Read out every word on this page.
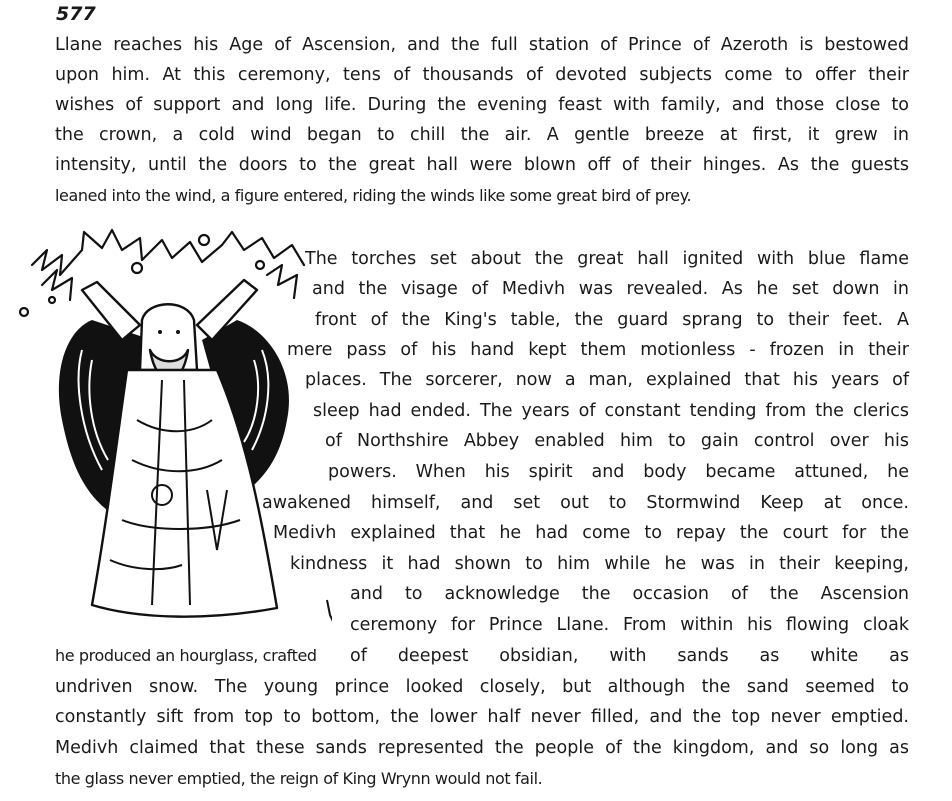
577
Llane reaches his Age of Ascension, and the full station of Prince of Azeroth is bestowed
upon him. At this ceremony, tens of thousands of devoted subjects come to offer their
wishes of support and long life. During the evening feast with family, and those close to
the crown, a cold wind began to chill the air. A gentle breeze at first, it grew in
intensity, until the doors to the great hall were blown off of their hinges. As the guests
leaned into the wind, a figure entered, riding the winds like some great bird of prey.
The torches set about the great hall ignited with blue flame
and the visage of Medivh was revealed. As he set down in
front of the King's table, the guard sprang to their feet. A
mere pass of his hand kept them motionless - frozen in their
places. The sorcerer, now a man, explained that his years of
sleep had ended. The years of constant tending from the clerics
of Northshire Abbey enabled him to gain control over his
powers. When his spirit and body became attuned, he
awakened himself, and set out to Stormwind Keep at once.
Medivh explained that he had come to repay the court for the
kindness it had shown to him while he was in their keeping,
and to acknowledge the occasion of the Ascension
ceremony for Prince Llane. From within his flowing cloak
he produced an hourglass, crafted	of   deepest   obsidian,   with   sands   as   white   as
undriven snow. The young prince looked closely, but although the sand seemed to
constantly sift from top to bottom, the lower half never filled, and the top never emptied.
Medivh claimed that these sands represented the people of the kingdom, and so long as
the glass never emptied, the reign of King Wrynn would not fail.
